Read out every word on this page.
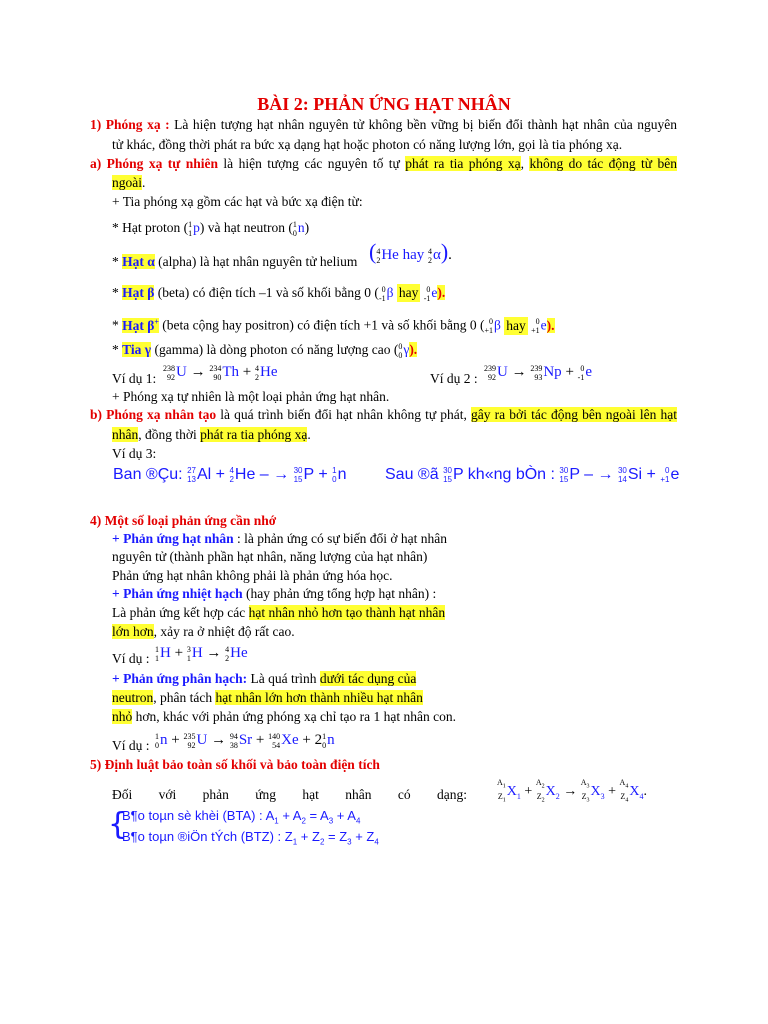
BÀI 2: PHẢN ỨNG HẠT NHÂN
1) Phóng xạ : Là hiện tượng hạt nhân nguyên tử không bền vững bị biến đổi thành hạt nhân của nguyên
tử khác, đồng thời phát ra bức xạ dạng hạt hoặc photon có năng lượng lớn, gọi là tia phóng xạ.
a) Phóng xạ tự nhiên là hiện tượng các nguyên tố tự phát ra tia phóng xạ, không do tác động từ bên
ngoài.
+ Tia phóng xạ gồm các hạt và bức xạ điện từ:
* Hạt proton ( 1
1 p) và hạt neutron ( 1
0 n)
* Hạt α (alpha) là hạt nhân nguyên tử helium ( 4
2 He hay 4
2 α).
* Hạt β (beta) có điện tích –1 và số khối bằng 0 ( 0
-1 β hay	0
-1 e).
* Hạt β+ (beta cộng hay positron) có điện tích +1 và số khối bằng 0 ( 0
+1 β hay	0
+1 e).
* Tia γ (gamma) là dòng photon có năng lượng cao ( 0
0 γ).
Ví dụ 1:
238
92 U → 234
90 Th + 4
2 He	Ví dụ 2 :
239
92 U → 239
93 Np + 0
-1 e
+ Phóng xạ tự nhiên là một loại phản ứng hạt nhân.
b) Phóng xạ nhân tạo là quá trình biến đổi hạt nhân không tự phát, gây ra bởi tác động bên ngoài lên hạt
nhân, đồng thời phát ra tia phóng xạ.
Ví dụ 3:
Ban ®Çu: 27
13 Al + 4
2 He – → 30
15 P + 1
0 n Sau ®ã 30
15 P kh«ng bÒn : 30
15 P – → 30
14 Si + 0
+1 e
4) Một số loại phản ứng cần nhớ
+ Phản ứng hạt nhân : là phản ứng có sự biến đổi ở hạt nhân
nguyên tử (thành phần hạt nhân, năng lượng của hạt nhân)
Phản ứng hạt nhân không phải là phản ứng hóa học.
+ Phản ứng nhiệt hạch (hay phản ứng tổng hợp hạt nhân) :
Là phản ứng kết hợp các hạt nhân nhỏ hơn tạo thành hạt nhân
lớn hơn, xảy ra ở nhiệt độ rất cao.
Ví dụ :
1
1 H + 3
1 H → 4
2 He
+ Phản ứng phân hạch: Là quá trình dưới tác dụng của
neutron, phân tách hạt nhân lớn hơn thành nhiều hạt nhân
nhỏ hơn, khác với phản ứng phóng xạ chỉ tạo ra 1 hạt nhân con.
Ví dụ :
1
0 n + 235
92 U → 94
38 Sr + 140
54 Xe + 2 1
0 n
5) Định luật bảo toàn số khối và bảo toàn điện tích
Đối với phản ứng hạt nhân có dạng:
$A_1$
$Z_1$
$X_1$ +
$A_2$
$Z_2$
$X_2$ →
$A_3$
$Z_3$
$X_3$ +
$A_4$
$Z_4$
$X_4$.
{
B¶o toµn sè khèi (BTA) : $A_1 + A_2 = A_3 + A_4$
B¶o toµn ®iÖn tÝch (BTZ) : $Z_1 + Z_2 = Z_3 + Z_4$
